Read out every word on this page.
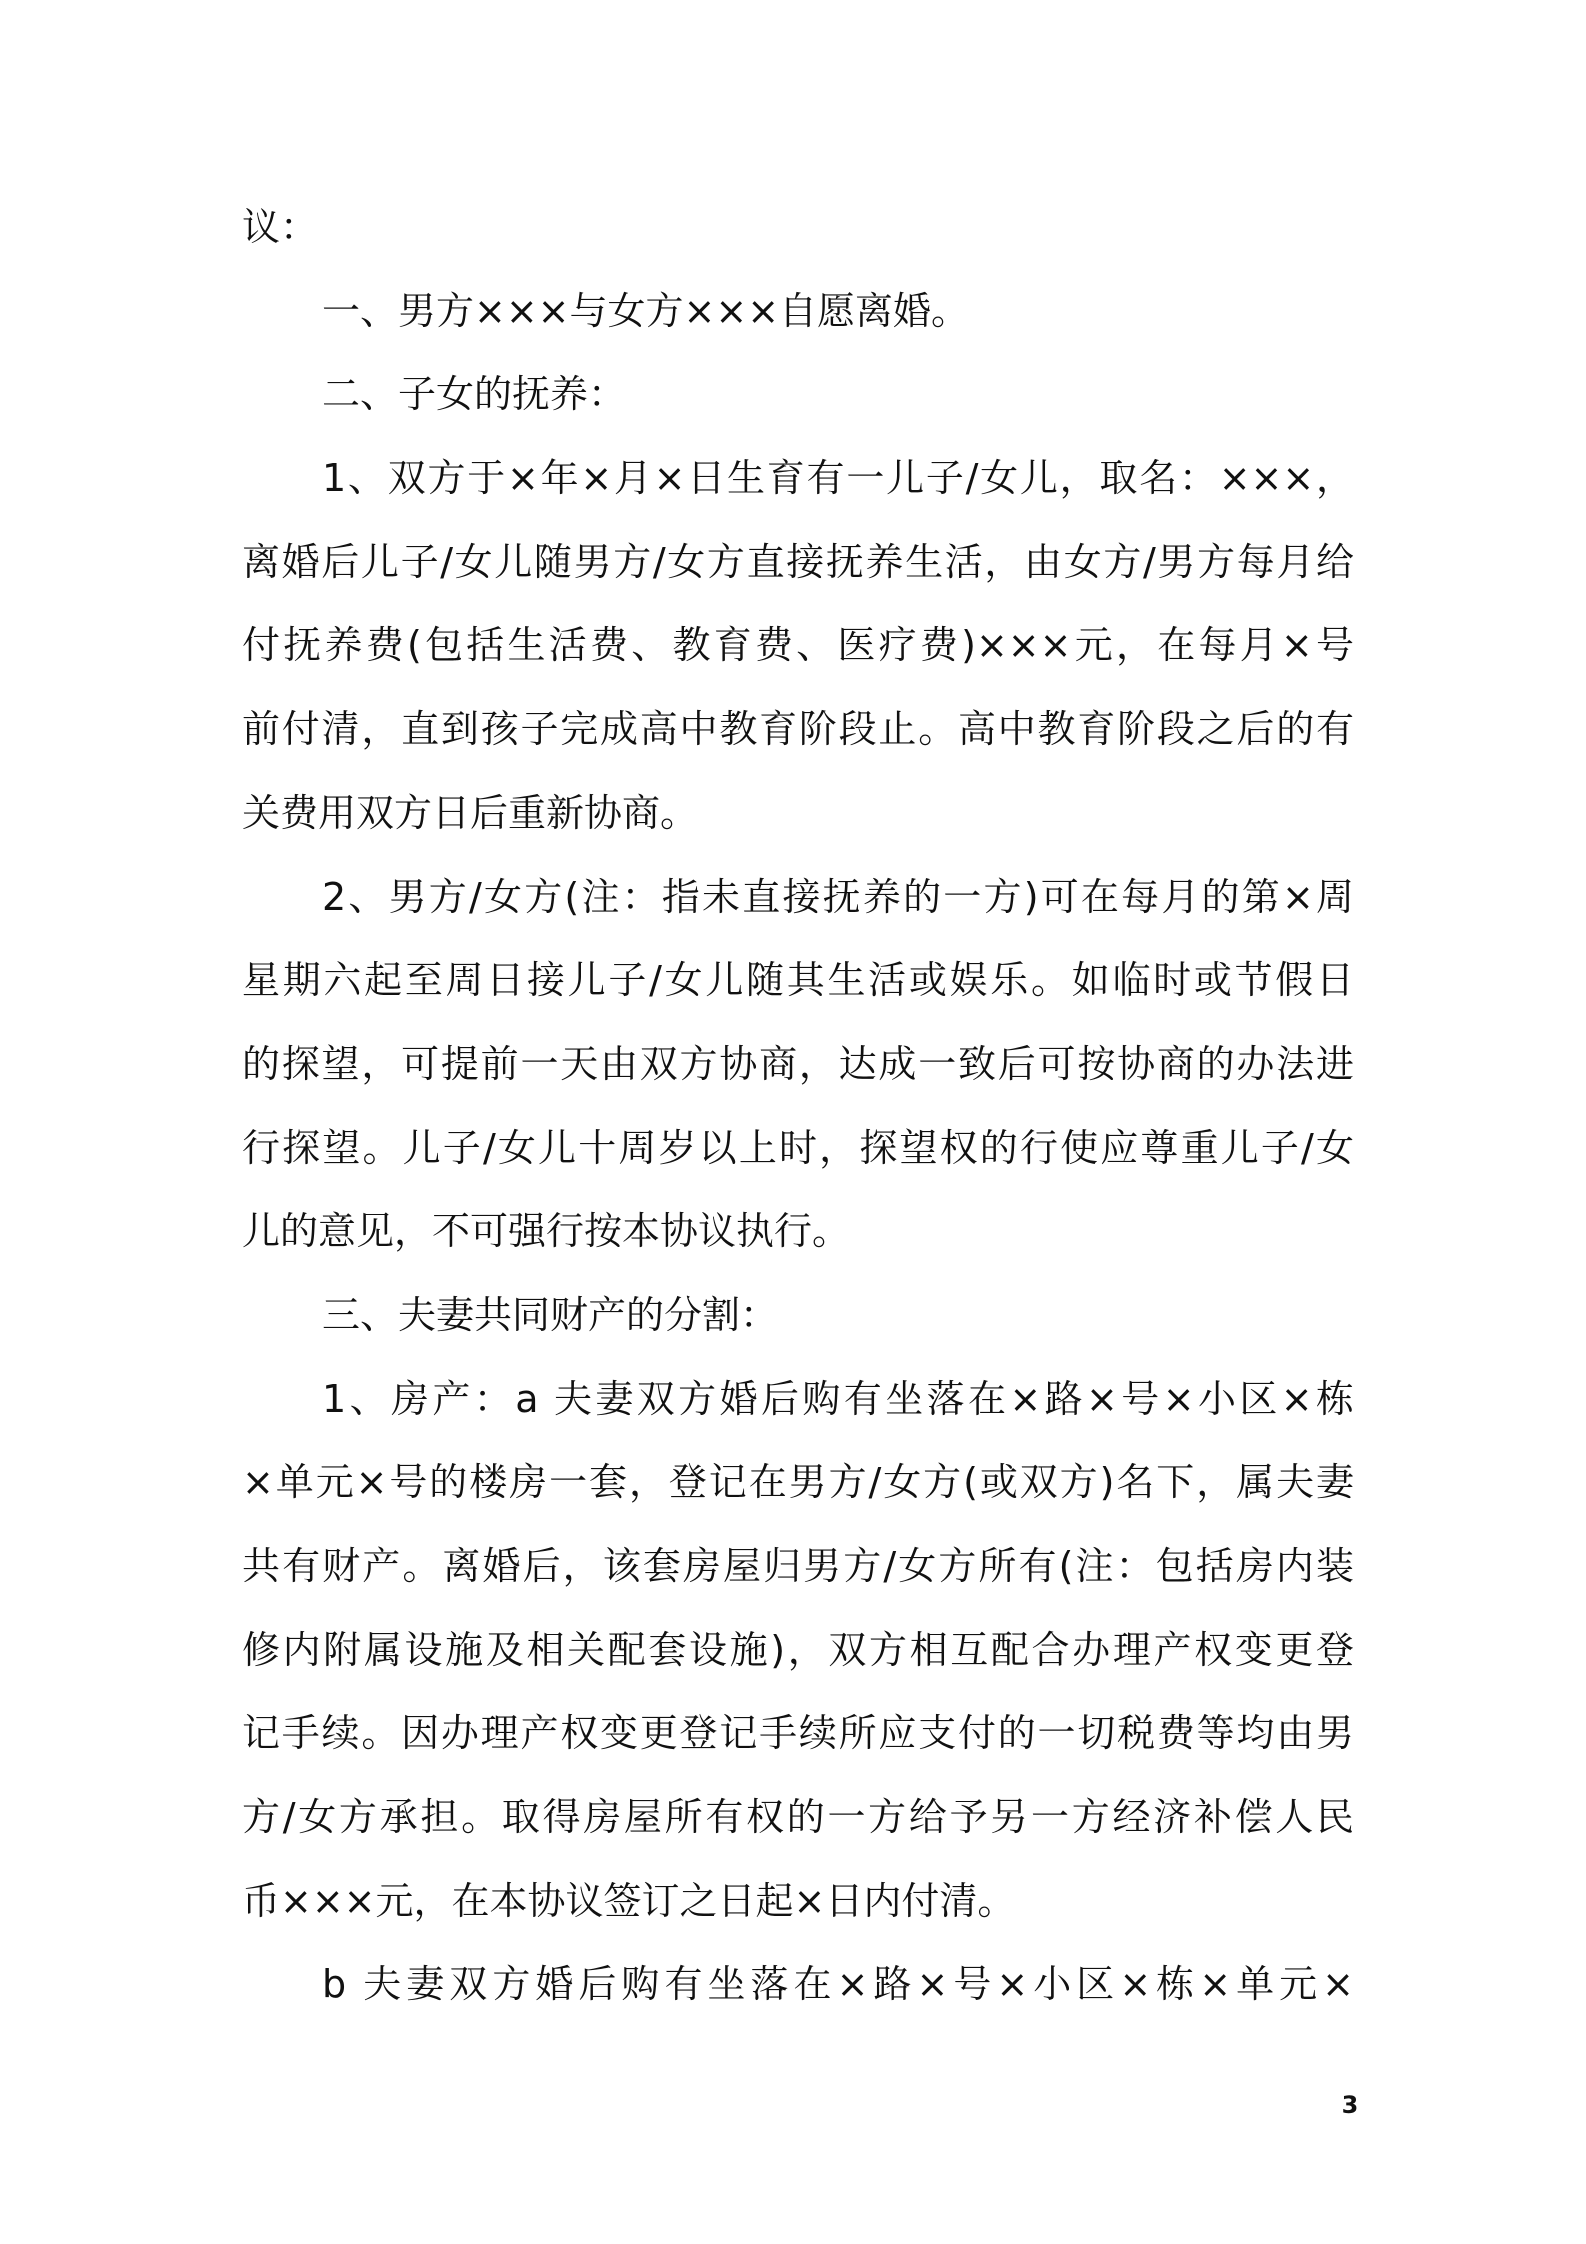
议：
一、男方×××与女方×××自愿离婚。
二、子女的抚养：
1、双方于×年×月×日生育有一儿子/女儿，取名：×××，
离婚后儿子/女儿随男方/女方直接抚养生活，由女方/男方每月给
付抚养费(包括生活费、教育费、医疗费)×××元，在每月×号
前付清，直到孩子完成高中教育阶段止。高中教育阶段之后的有
关费用双方日后重新协商。
2、男方/女方(注：指未直接抚养的一方)可在每月的第×周
星期六起至周日接儿子/女儿随其生活或娱乐。如临时或节假日
的探望，可提前一天由双方协商，达成一致后可按协商的办法进
行探望。儿子/女儿十周岁以上时，探望权的行使应尊重儿子/女
儿的意见，不可强行按本协议执行。
三、夫妻共同财产的分割：
1、房产：a 夫妻双方婚后购有坐落在×路×号×小区×栋
×单元×号的楼房一套，登记在男方/女方(或双方)名下，属夫妻
共有财产。离婚后，该套房屋归男方/女方所有(注：包括房内装
修内附属设施及相关配套设施)，双方相互配合办理产权变更登
记手续。因办理产权变更登记手续所应支付的一切税费等均由男
方/女方承担。取得房屋所有权的一方给予另一方经济补偿人民
币×××元，在本协议签订之日起×日内付清。
b 夫妻双方婚后购有坐落在×路×号×小区×栋×单元×
3
